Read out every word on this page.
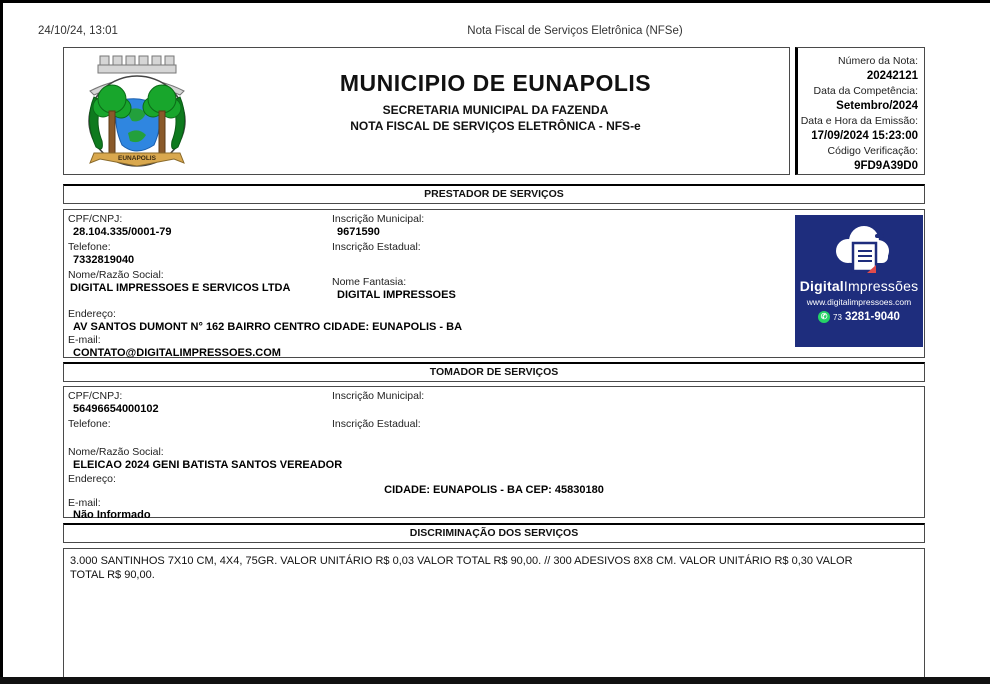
24/10/24, 13:01	Nota Fiscal de Serviços Eletrônica (NFSe)
EUNAPOLIS
MUNICIPIO DE EUNAPOLIS
SECRETARIA MUNICIPAL DA FAZENDA
NOTA FISCAL DE SERVIÇOS ELETRÔNICA - NFS-e
Número da Nota:
20242121
Data da Competência:
Setembro/2024
Data e Hora da Emissão:
17/09/2024 15:23:00
Código Verificação:
9FD9A39D0
PRESTADOR DE SERVIÇOS
CPF/CNPJ:
28.104.335/0001-79
Inscrição Municipal:
9671590
Telefone:
7332819040
Inscrição Estadual:
Nome/Razão Social:
DIGITAL IMPRESSOES E SERVICOS LTDA	Nome Fantasia:
DIGITAL IMPRESSOES
Endereço:
AV SANTOS DUMONT N° 162 BAIRRO CENTRO CIDADE: EUNAPOLIS - BA
E-mail:
CONTATO@DIGITALIMPRESSOES.COM
DigitalImpressões
www.digitalimpressoes.com
✆ 73 3281-9040
TOMADOR DE SERVIÇOS
CPF/CNPJ:
56496654000102
Inscrição Municipal:
Telefone:	Inscrição Estadual:
Nome/Razão Social:
ELEICAO 2024 GENI BATISTA SANTOS VEREADOR
Endereço:
CIDADE: EUNAPOLIS - BA CEP: 45830180
E-mail:
Não Informado
DISCRIMINAÇÃO DOS SERVIÇOS
3.000 SANTINHOS 7X10 CM, 4X4, 75GR. VALOR UNITÁRIO R$ 0,03 VALOR TOTAL R$ 90,00. // 300 ADESIVOS 8X8 CM. VALOR UNITÁRIO R$ 0,30 VALOR TOTAL R$ 90,00.
